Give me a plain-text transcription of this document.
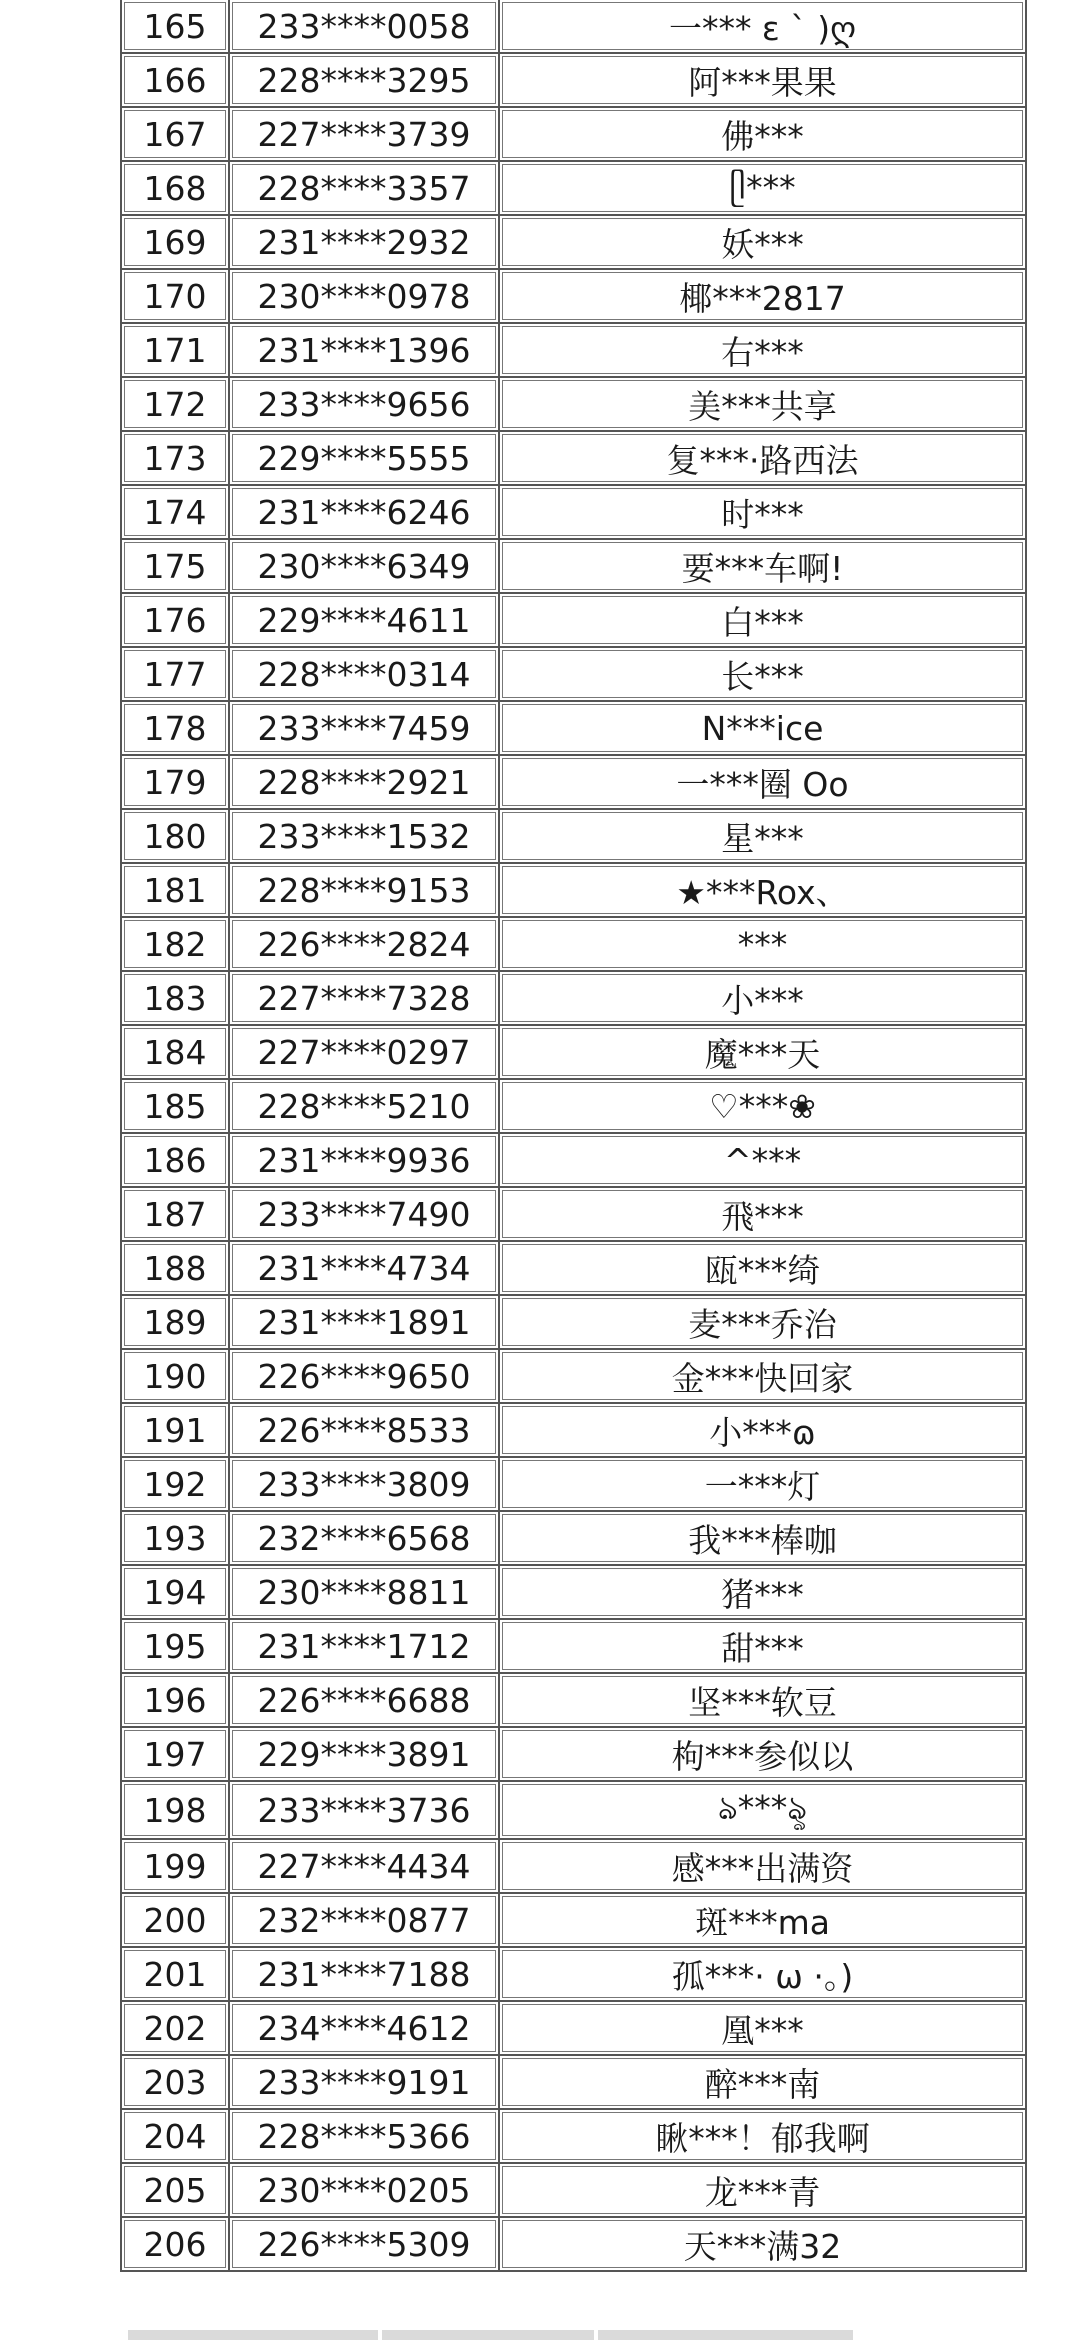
165	233****0058	一*** ε ˋ )ღ
166	228****3295	阿***果果
167	227****3739	佛***
168	228****3357	ᥫ***
169	231****2932	妖***
170	230****0978	椰***2817
171	231****1396	右***
172	233****9656	美***共享
173	229****5555	复***·路西法
174	231****6246	时***
175	230****6349	要***车啊!
176	229****4611	白***
177	228****0314	长***
178	233****7459	N***ice
179	228****2921	一***圈 Oo
180	233****1532	星***
181	228****9153	★***Rox、
182	226****2824	***
183	227****7328	小***
184	227****0297	魔***天
185	228****5210	♡***❀
186	231****9936	^***
187	233****7490	飛***
188	231****4734	瓯***绮
189	231****1891	麦***乔治
190	226****9650	金***快回家
191	226****8533	小***ɷ
192	233****3809	一***灯
193	232****6568	我***棒咖
194	230****8811	猪***
195	231****1712	甜***
196	226****6688	坚***软豆
197	229****3891	枸***参似以
198	233****3736	ঌ***ৡ
199	227****4434	感***出满资
200	232****0877	斑***ma
201	231****7188	孤***· ω ·｡)
202	234****4612	凰***
203	233****9191	醉***南
204	228****5366	瞅***！郁我啊
205	230****0205	龙***青
206	226****5309	天***满32
